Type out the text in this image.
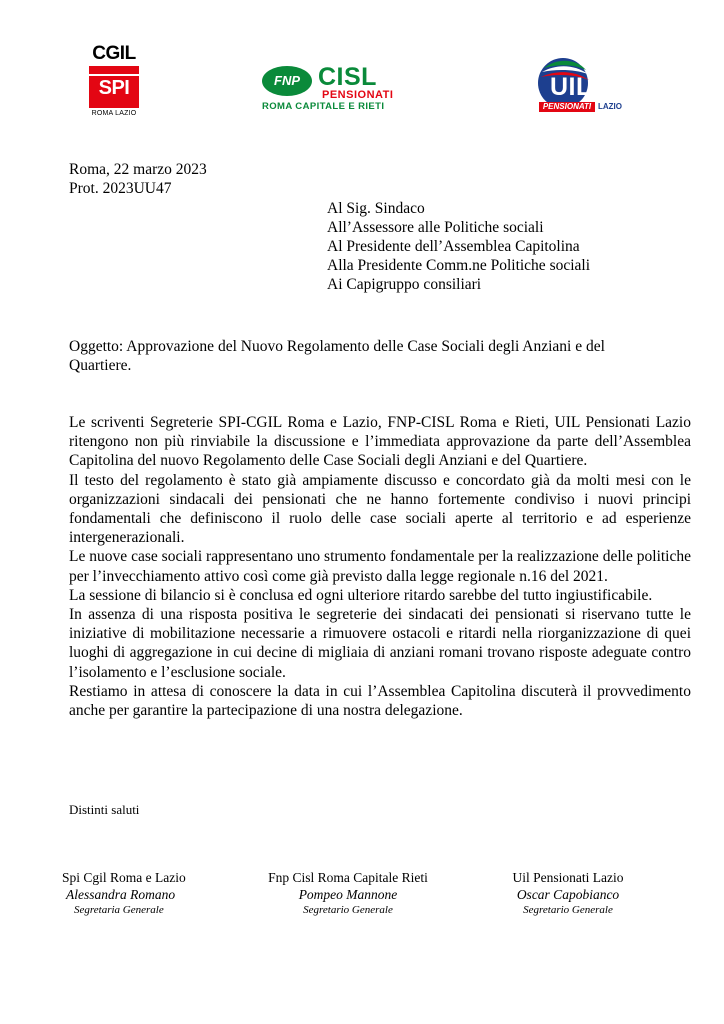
CGIL
SPI
ROMA LAZIO
FNP CISL
PENSIONATI
ROMA CAPITALE E RIETI
UIL
PENSIONATI LAZIO
Roma, 22 marzo 2023
Prot. 2023UU47
Al Sig. Sindaco
All’Assessore alle Politiche sociali
Al Presidente dell’Assemblea Capitolina
Alla Presidente Comm.ne Politiche sociali
Ai Capigruppo consiliari
Oggetto: Approvazione del Nuovo Regolamento delle Case Sociali degli Anziani e del
Quartiere.

Le scriventi Segreterie SPI-CGIL Roma e Lazio, FNP-CISL Roma e Rieti, UIL Pensionati Lazio ritengono non più rinviabile la discussione e l’immediata approvazione da parte dell’Assemblea Capitolina del nuovo Regolamento delle Case Sociali degli Anziani e del Quartiere.

Il testo del regolamento è stato già ampiamente discusso e concordato già da molti mesi con le organizzazioni sindacali dei pensionati che ne hanno fortemente condiviso i nuovi principi fondamentali che definiscono il ruolo delle case sociali aperte al territorio e ad esperienze intergenerazionali.

Le nuove case sociali rappresentano uno strumento fondamentale per la realizzazione delle politiche per l’invecchiamento attivo così come già previsto dalla legge regionale n.16 del 2021.

La sessione di bilancio si è conclusa ed ogni ulteriore ritardo sarebbe del tutto ingiustificabile.

In assenza di una risposta positiva le segreterie dei sindacati dei pensionati si riservano tutte le iniziative di mobilitazione necessarie a rimuovere ostacoli e ritardi nella riorganizzazione di quei luoghi di aggregazione in cui decine di migliaia di anziani romani trovano risposte adeguate contro l’isolamento e l’esclusione sociale.

Restiamo in attesa di conoscere la data in cui l’Assemblea Capitolina discuterà il provvedimento anche per garantire la partecipazione di una nostra delegazione.

Distinti saluti
Spi Cgil Roma e Lazio
Alessandra Romano
Segretaria Generale
Fnp Cisl Roma Capitale Rieti
Pompeo Mannone
Segretario Generale
Uil Pensionati Lazio
Oscar Capobianco
Segretario Generale
